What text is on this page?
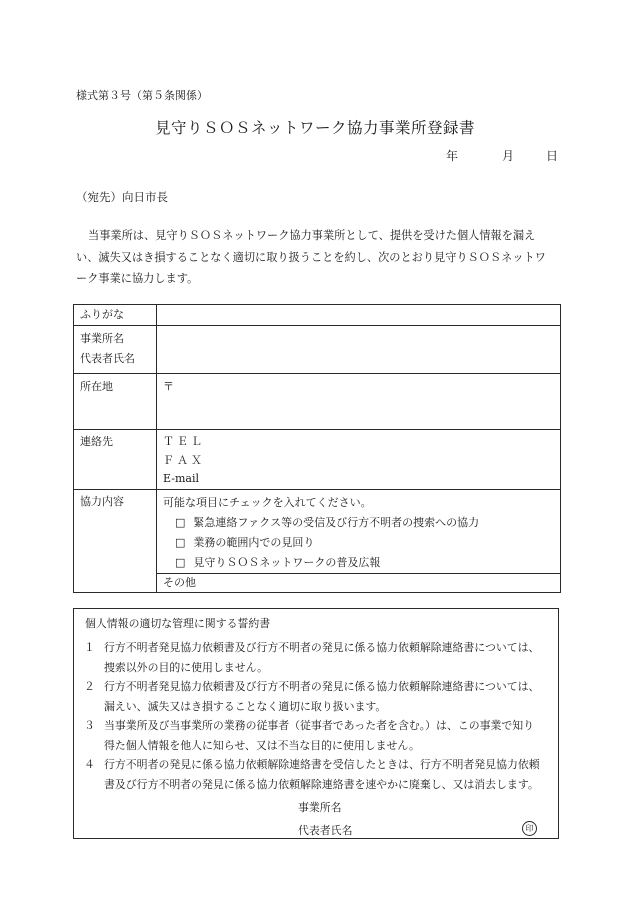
様式第３号（第５条関係）
見守りＳＯＳネットワーク協力事業所登録書
年	月	日
（宛先）向日市長
当事業所は、見守りＳＯＳネットワーク協力事業所として、提供を受けた個人情報を漏えい、滅失又はき損することなく適切に取り扱うことを約し、次のとおり見守りＳＯＳネットワーク事業に協力します。
ふりがな	

事業所名
代表者氏名	

所在地	〒
連絡先	ＴＥＬ
ＦＡＸ
E-mail

協力内容	可能な項目にチェックを入れてください。
□ 緊急連絡ファクス等の受信及び行方不明者の捜索への協力
□ 業務の範囲内での見回り
□ 見守りＳＯＳネットワークの普及広報

	その他
個人情報の適切な管理に関する誓約書
１ 行方不明者発見協力依頼書及び行方不明者の発見に係る協力依頼解除連絡書については、
捜索以外の目的に使用しません。
２ 行方不明者発見協力依頼書及び行方不明者の発見に係る協力依頼解除連絡書については、
漏えい、滅失又はき損することなく適切に取り扱います。
３ 当事業所及び当事業所の業務の従事者（従事者であった者を含む。）は、この事業で知り
得た個人情報を他人に知らせ、又は不当な目的に使用しません。
４ 行方不明者の発見に係る協力依頼解除連絡書を受信したときは、行方不明者発見協力依頼
書及び行方不明者の発見に係る協力依頼解除連絡書を速やかに廃棄し、又は消去します。
事業所名
代表者氏名	印
